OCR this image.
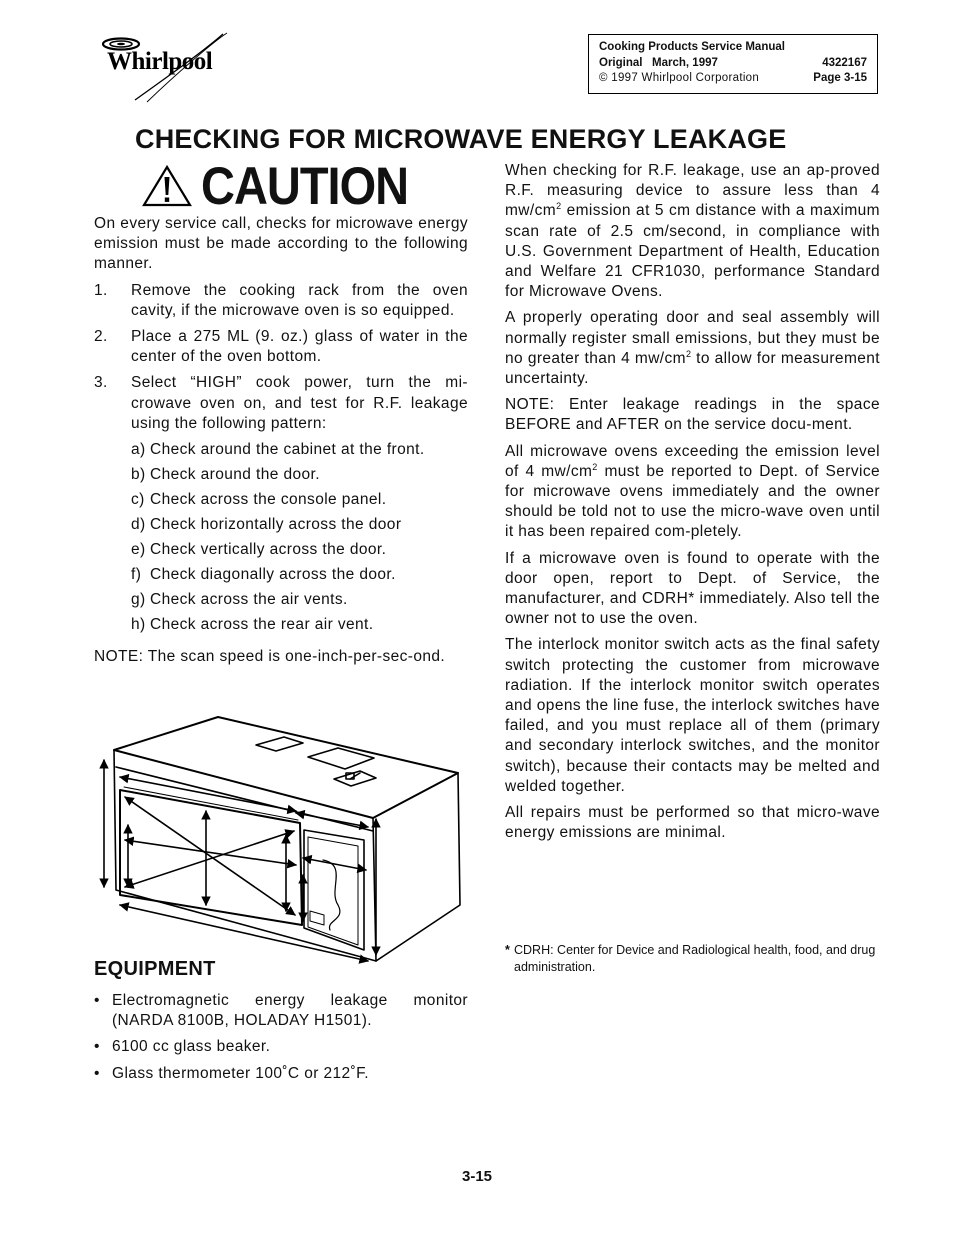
Whirlpool
Cooking Products Service Manual
Original   March, 1997	4322167
© 1997 Whirlpool Corporation	Page 3-15
CHECKING FOR MICROWAVE ENERGY LEAKAGE
CAUTION

On every service call, checks for microwave energy emission must be made according to the following manner.

1.	Remove the cooking rack from the oven cavity, if the microwave oven is so equipped.
2.	Place a 275 ML (9. oz.) glass of water in the center of the oven bottom.
3.	Select “HIGH” cook power, turn the mi-crowave oven on, and test for R.F. leakage using the following pattern:
a) Check around the cabinet at the front.
b) Check around the door.
c) Check across the console panel.
d) Check horizontally across the door
e) Check vertically across the door.
f) Check diagonally across the door.
g) Check across the air vents.
h) Check across the rear air vent.

NOTE: The scan speed is one-inch-per-sec-ond.

EQUIPMENT
• Electromagnetic energy leakage monitor (NARDA 8100B, HOLADAY H1501).
• 6100 cc glass beaker.
• Glass thermometer 100˚C or 212˚F.

When checking for R.F. leakage, use an ap-proved R.F. measuring device to assure less than 4 $mw/cm^2$ emission at 5 cm distance with a maximum scan rate of 2.5 cm/second, in compliance with U.S. Government Department of Health, Education and Welfare 21 CFR1030, performance Standard for Microwave Ovens.

A properly operating door and seal assembly will normally register small emissions, but they must be no greater than 4 $mw/cm^2$ to allow for measurement uncertainty.

NOTE: Enter leakage readings in the space BEFORE and AFTER on the service docu-ment.

All microwave ovens exceeding the emission level of 4 $mw/cm^2$ must be reported to Dept. of Service for microwave ovens immediately and the owner should be told not to use the micro-wave oven until it has been repaired com-pletely.

If a microwave oven is found to operate with the door open, report to Dept. of Service, the manufacturer, and CDRH* immediately. Also tell the owner not to use the oven.

The interlock monitor switch acts as the final safety switch protecting the customer from microwave radiation. If the interlock monitor switch operates and opens the line fuse, the interlock switches have failed, and you must replace all of them (primary and secondary interlock switches, and the monitor switch), because their contacts may be melted and welded together.

All repairs must be performed so that micro-wave energy emissions are minimal.

* CDRH: Center for Device and Radiological health, food, and drug administration.
3-15
